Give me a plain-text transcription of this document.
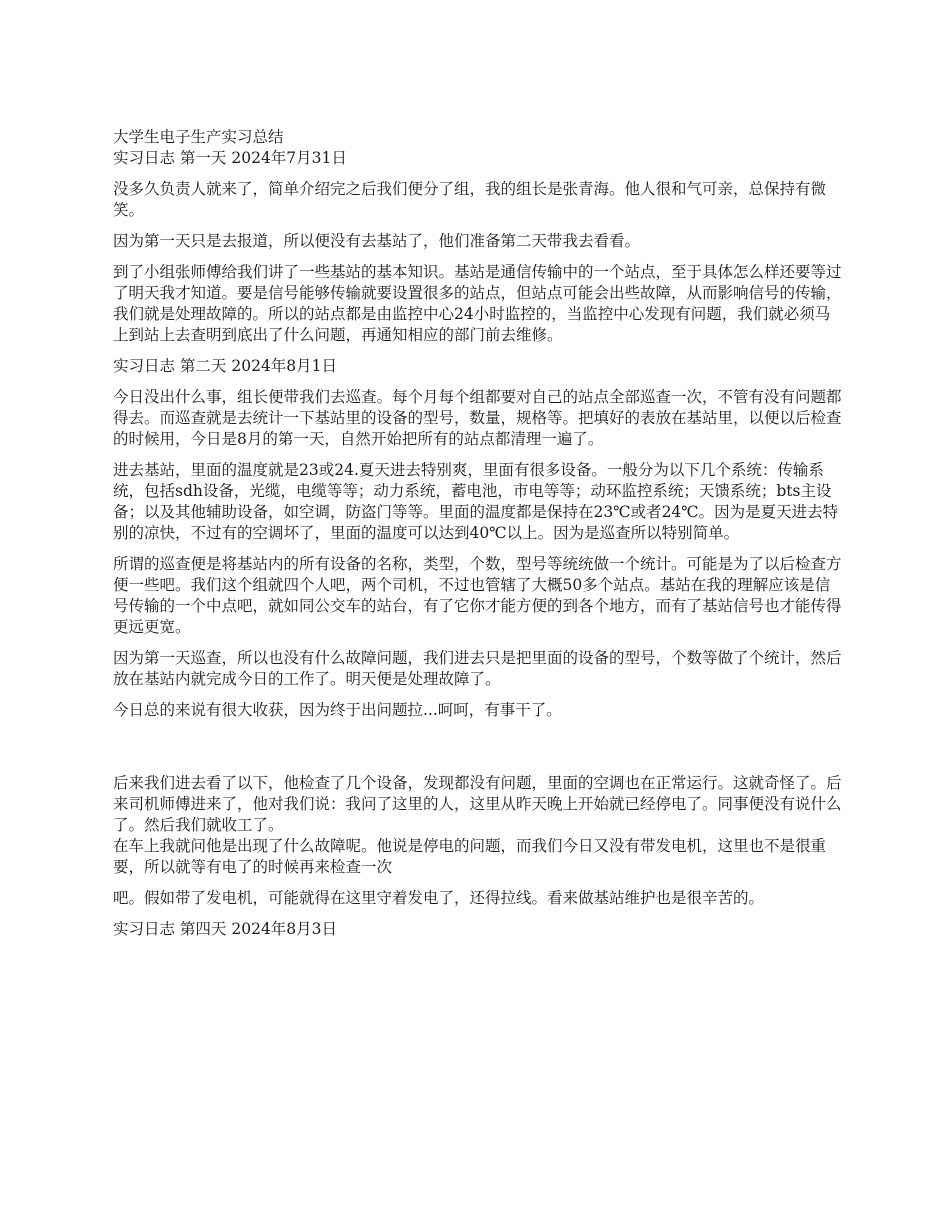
大学生电子生产实习总结
实习日志 第一天 2024年7月31日

没多久负责人就来了，简单介绍完之后我们便分了组，我的组长是张青海。他人很和气可亲，总保持有微笑。

因为第一天只是去报道，所以便没有去基站了，他们准备第二天带我去看看。

到了小组张师傅给我们讲了一些基站的基本知识。基站是通信传输中的一个站点，至于具体怎么样还要等过了明天我才知道。要是信号能够传输就要设置很多的站点，但站点可能会出些故障，从而影响信号的传输，我们就是处理故障的。所以的站点都是由监控中心24小时监控的，当监控中心发现有问题，我们就必须马上到站上去查明到底出了什么问题，再通知相应的部门前去维修。

实习日志 第二天 2024年8月1日

今日没出什么事，组长便带我们去巡查。每个月每个组都要对自己的站点全部巡查一次，不管有没有问题都得去。而巡查就是去统计一下基站里的设备的型号，数量，规格等。把填好的表放在基站里，以便以后检查的时候用，今日是8月的第一天，自然开始把所有的站点都清理一遍了。

进去基站，里面的温度就是23或24.夏天进去特别爽，里面有很多设备。一般分为以下几个系统：传输系统，包括sdh设备，光缆，电缆等等；动力系统，蓄电池，市电等等；动环监控系统；天馈系统；bts主设备；以及其他辅助设备，如空调，防盗门等等。里面的温度都是保持在23℃或者24℃。因为是夏天进去特别的凉快，不过有的空调坏了，里面的温度可以达到40℃以上。因为是巡查所以特别简单。

所谓的巡查便是将基站内的所有设备的名称，类型，个数，型号等统统做一个统计。可能是为了以后检查方便一些吧。我们这个组就四个人吧，两个司机，不过也管辖了大概50多个站点。基站在我的理解应该是信号传输的一个中点吧，就如同公交车的站台，有了它你才能方便的到各个地方，而有了基站信号也才能传得更远更宽。

因为第一天巡查，所以也没有什么故障问题，我们进去只是把里面的设备的型号，个数等做了个统计，然后放在基站内就完成今日的工作了。明天便是处理故障了。

今日总的来说有很大收获，因为终于出问题拉...呵呵，有事干了。

后来我们进去看了以下，他检查了几个设备，发现都没有问题，里面的空调也在正常运行。这就奇怪了。后来司机师傅进来了，他对我们说：我问了这里的人，这里从昨天晚上开始就已经停电了。同事便没有说什么了。然后我们就收工了。

在车上我就问他是出现了什么故障呢。他说是停电的问题，而我们今日又没有带发电机，这里也不是很重要，所以就等有电了的时候再来检查一次

吧。假如带了发电机，可能就得在这里守着发电了，还得拉线。看来做基站维护也是很辛苦的。

实习日志 第四天 2024年8月3日
